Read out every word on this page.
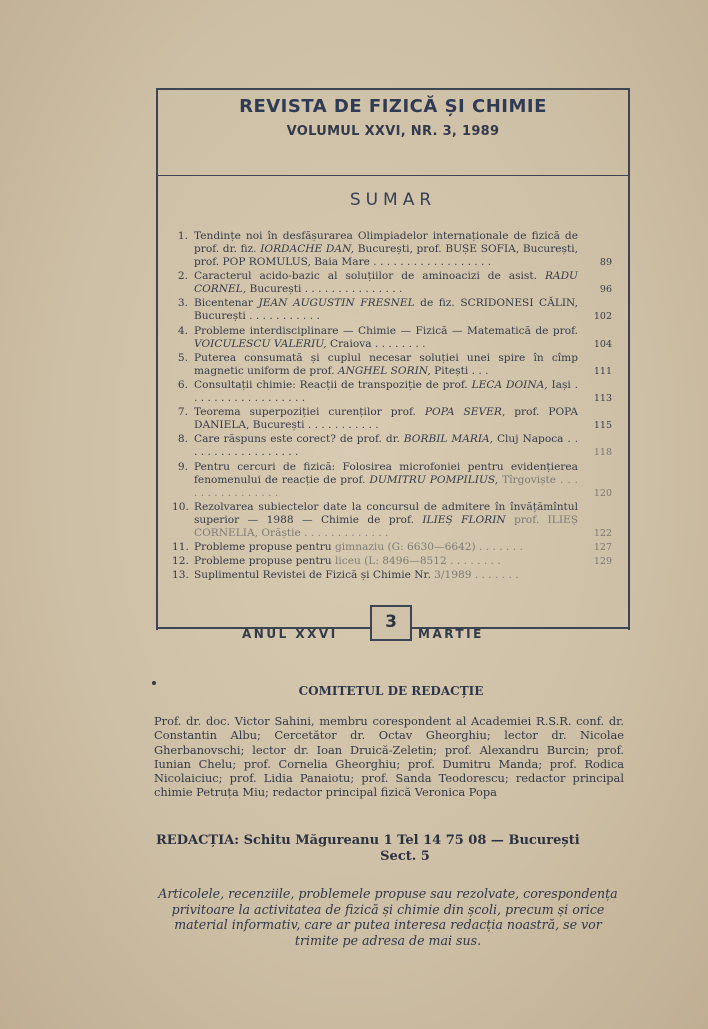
REVISTA DE FIZICĂ ȘI CHIMIE
VOLUMUL XXVI, NR. 3, 1989
SUMAR
1. Tendințe noi în desfășurarea Olimpiadelor internaționale de fizică de prof. dr. fiz. IORDACHE DAN, București, prof. BUȘE SOFIA, București, prof. POP ROMULUS, Baia Mare . . . . . . . . . . . . . . . . . .	89
2. Caracterul acido-bazic al soluțiilor de aminoacizi de asist. RADU CORNEL, București . . . . . . . . . . . . . . .	96
3. Bicentenar JEAN AUGUSTIN FRESNEL de fiz. SCRIDONESI CĂLIN, București . . . . . . . . . . .	102
4. Probleme interdisciplinare — Chimie — Fizică — Matematică de prof. VOICULESCU VALERIU, Craiova . . . . . . . .	104
5. Puterea consumată și cuplul necesar soluției unei spire în cîmp magnetic uniform de prof. ANGHEL SORIN, Pitești . . .	111
6. Consultații chimie: Reacții de transpoziție de prof. LECA DOINA, Iași . . . . . . . . . . . . . . . . . .	113
7. Teorema superpoziției curenților prof. POPA SEVER, prof. POPA DANIELA, București . . . . . . . . . . .	115
8. Care răspuns este corect? de prof. dr. BORBIL MARIA, Cluj Napoca . . . . . . . . . . . . . . . . . .	118
9. Pentru cercuri de fizică: Folosirea microfoniei pentru evidențierea fenomenului de reacție de prof. DUMITRU POMPILIUS, Tîrgoviște . . . . . . . . . . . . . . . .	120
10. Rezolvarea subiectelor date la concursul de admitere în învățămîntul superior — 1988 — Chimie de prof. ILIEȘ FLORIN prof. ILIEȘ CORNELIA, Orăștie . . . . . . . . . . . . .	122
11. Probleme propuse pentru gimnaziu (G: 6630—6642) . . . . . . .	127
12. Probleme propuse pentru liceu (L: 8496—8512 . . . . . . . .	129
13. Suplimentul Revistei de Fizică și Chimie Nr. 3/1989 . . . . . . .
ANUL XXVI
3
MARTIE
COMITETUL DE REDACȚIE
Prof. dr. doc. Victor Sahini, membru corespondent al Academiei R.S.R. conf. dr. Constantin Albu; Cercetător dr. Octav Gheorghiu; lector dr. Nicolae Gherbanovschi; lector dr. Ioan Druică-Zeletin; prof. Alexandru Burcin; prof. Iunian Chelu; prof. Cornelia Gheorghiu; prof. Dumitru Manda; prof. Rodica Nicolaiciuc; prof. Lidia Panaiotu; prof. Sanda Teodorescu; redactor principal chimie Petruța Miu; redactor principal fizică Veronica Popa
REDACȚIA: Schitu Măgureanu 1 Tel 14 75 08 — București
Sect. 5
Articolele, recenziile, problemele propuse sau rezolvate, corespondența privitoare la activitatea de fizică și chimie din școli, precum și orice material informativ, care ar putea interesa redacția noastră, se vor trimite pe adresa de mai sus.
